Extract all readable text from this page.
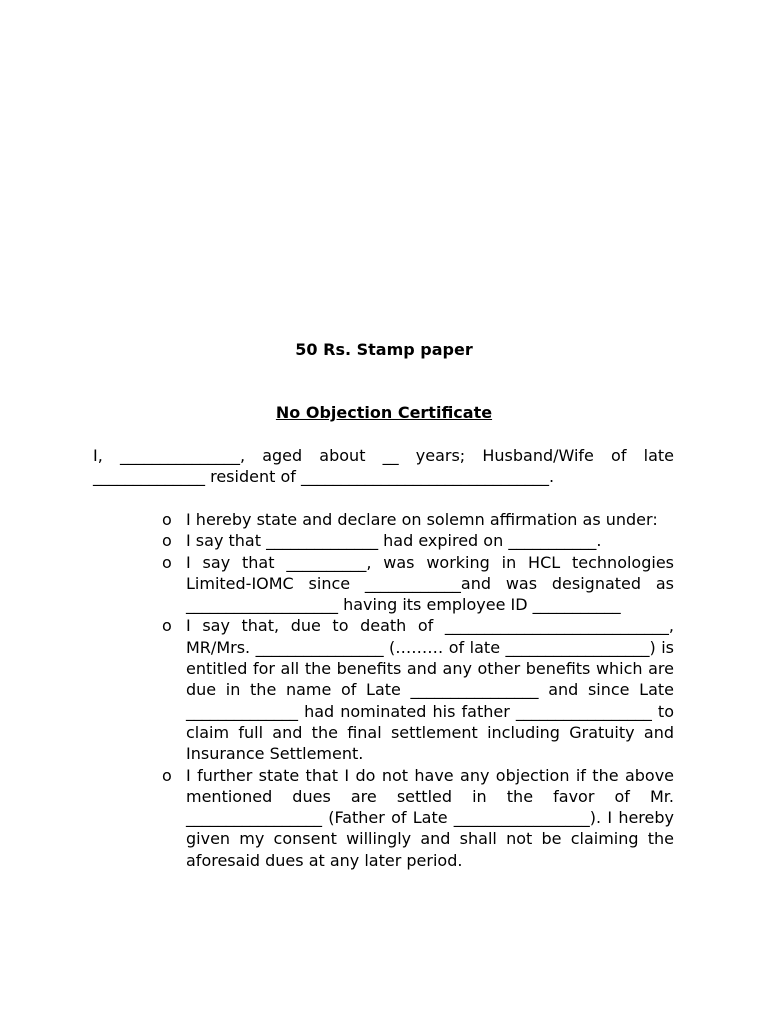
50 Rs. Stamp paper
No Objection Certificate
I, _______________, aged about __ years; Husband/Wife of late
______________ resident of _______________________________.
o I hereby state and declare on solemn affirmation as under:
o I say that ______________ had expired on ___________.
o I say that __________, was working in HCL technologies Limited-IOMC since ____________and was designated as ___________________ having its employee ID ___________
o I say that, due to death of ____________________________, MR/Mrs. ________________ (……… of late __________________) is entitled for all the benefits and any other benefits which are due in the name of Late ________________ and since Late ______________ had nominated his father _________________ to claim full and the final settlement including Gratuity and Insurance Settlement.
o I further state that I do not have any objection if the above mentioned dues are settled in the favor of Mr. _________________ (Father of Late _________________). I hereby given my consent willingly and shall not be claiming the aforesaid dues at any later period.
